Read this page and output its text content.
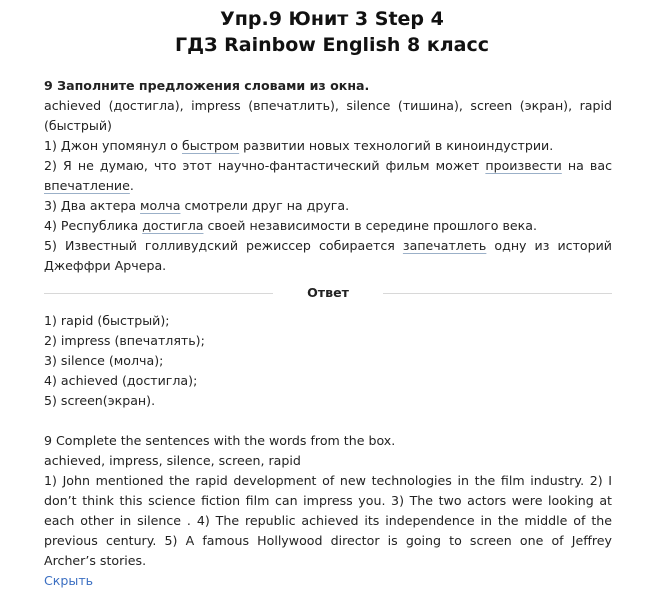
Упр.9 Юнит 3 Step 4
ГДЗ Rainbow English 8 класс
9 Заполните предложения словами из окна.
achieved (достигла), impress (впечатлить), silence (тишина), screen (экран), rapid (быстрый)
1) Джон упомянул о быстром развитии новых технологий в киноиндустрии.
2) Я не думаю, что этот научно-фантастический фильм может произвести на вас впечатление.
3) Два актера молча смотрели друг на друга.
4) Республика достигла своей независимости в середине прошлого века.
5) Известный голливудский режиссер собирается запечатлеть одну из историй Джеффри Арчера.
Ответ
1) rapid (быстрый);
2) impress (впечатлять);
3) silence (молча);
4) achieved (достигла);
5) screen(экран).
9 Complete the sentences with the words from the box.
achieved, impress, silence, screen, rapid
1) John mentioned the rapid development of new technologies in the film industry. 2) I don’t think this science fiction film can impress you. 3) The two actors were looking at each other in silence . 4) The republic achieved its independence in the middle of the previous century. 5) A famous Hollywood director is going to screen one of Jeffrey Archer’s stories.
Скрыть
